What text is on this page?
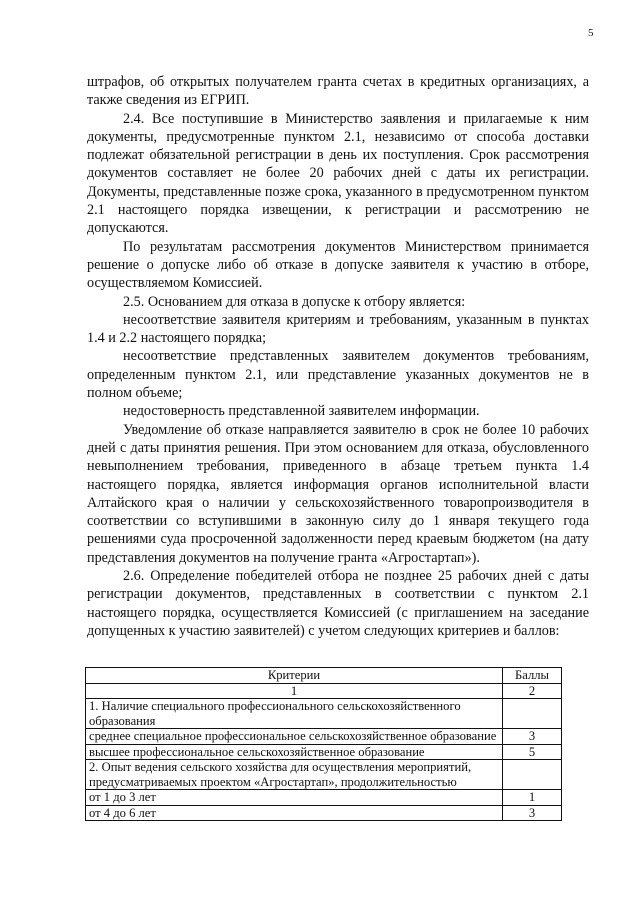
5

штрафов, об открытых получателем гранта счетах в кредитных организациях, а также сведения из ЕГРИП.

2.4. Все поступившие в Министерство заявления и прилагаемые к ним документы, предусмотренные пунктом 2.1, независимо от способа доставки подлежат обязательной регистрации в день их поступления. Срок рассмотрения документов составляет не более 20 рабочих дней с даты их регистрации. Документы, представленные позже срока, указанного в предусмотренном пунктом 2.1 настоящего порядка извещении, к регистрации и рассмотрению не допускаются.

По результатам рассмотрения документов Министерством принимается решение о допуске либо об отказе в допуске заявителя к участию в отборе, осуществляемом Комиссией.

2.5. Основанием для отказа в допуске к отбору является:

несоответствие заявителя критериям и требованиям, указанным в пунктах 1.4 и 2.2 настоящего порядка;

несоответствие представленных заявителем документов требованиям, определенным пунктом 2.1, или представление указанных документов не в полном объеме;

недостоверность представленной заявителем информации.

Уведомление об отказе направляется заявителю в срок не более 10 рабочих дней с даты принятия решения. При этом основанием для отказа, обусловленного невыполнением требования, приведенного в абзаце третьем пункта 1.4 настоящего порядка, является информация органов исполнительной власти Алтайского края о наличии у сельскохозяйственного товаропроизводителя в соответствии со вступившими в законную силу до 1 января текущего года решениями суда просроченной задолженности перед краевым бюджетом (на дату представления документов на получение гранта «Агростартап»).

2.6. Определение победителей отбора не позднее 25 рабочих дней с даты регистрации документов, представленных в соответствии с пунктом 2.1 настоящего порядка, осуществляется Комиссией (с приглашением на заседание допущенных к участию заявителей) с учетом следующих критериев и баллов:

Критерии	Баллы
1	2
1. Наличие специального профессионального сельскохозяйственного образования	
среднее специальное профессиональное сельскохозяйственное образование	3
высшее профессиональное сельскохозяйственное образование	5
2. Опыт ведения сельского хозяйства для осуществления мероприятий, предусматриваемых проектом «Агростартап», продолжительностью	
от 1 до 3 лет	1
от 4 до 6 лет	3
